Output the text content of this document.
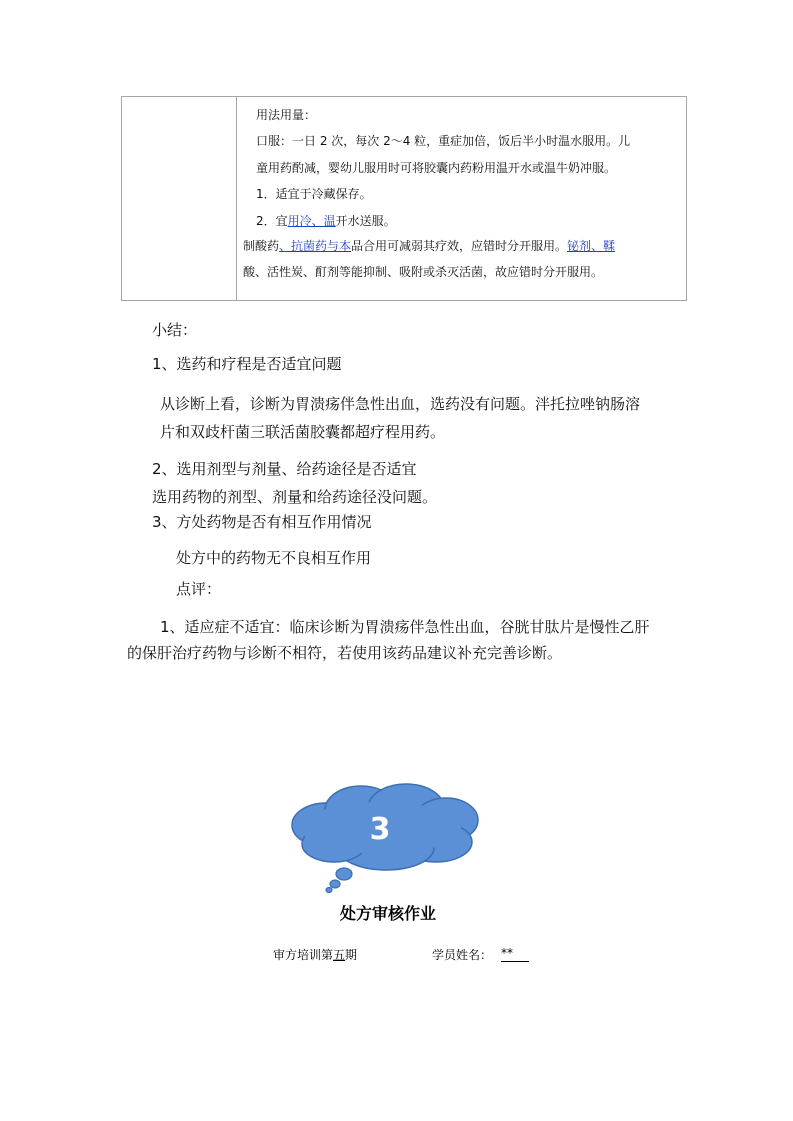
用法用量：
口服：一日 2 次，每次 2～4 粒，重症加倍，饭后半小时温水服用。儿
童用药酌减，婴幼儿服用时可将胶囊内药粉用温开水或温牛奶冲服。
1．适宜于冷藏保存。
2．宜用冷、温开水送服。
制酸药、抗菌药与本品合用可减弱其疗效，应错时分开服用。铋剂、鞣
酸、活性炭、酊剂等能抑制、吸附或杀灭活菌，故应错时分开服用。
小结：
1、选药和疗程是否适宜问题
从诊断上看，诊断为胃溃疡伴急性出血，选药没有问题。泮托拉唑钠肠溶
片和双歧杆菌三联活菌胶囊都超疗程用药。
2、选用剂型与剂量、给药途径是否适宜
选用药物的剂型、剂量和给药途径没问题。
3、方处药物是否有相互作用情况
处方中的药物无不良相互作用
点评：
1、适应症不适宜：临床诊断为胃溃疡伴急性出血，谷胱甘肽片是慢性乙肝
的保肝治疗药物与诊断不相符，若使用该药品建议补充完善诊断。
3
处方审核作业
审方培训第五期	学员姓名： **
